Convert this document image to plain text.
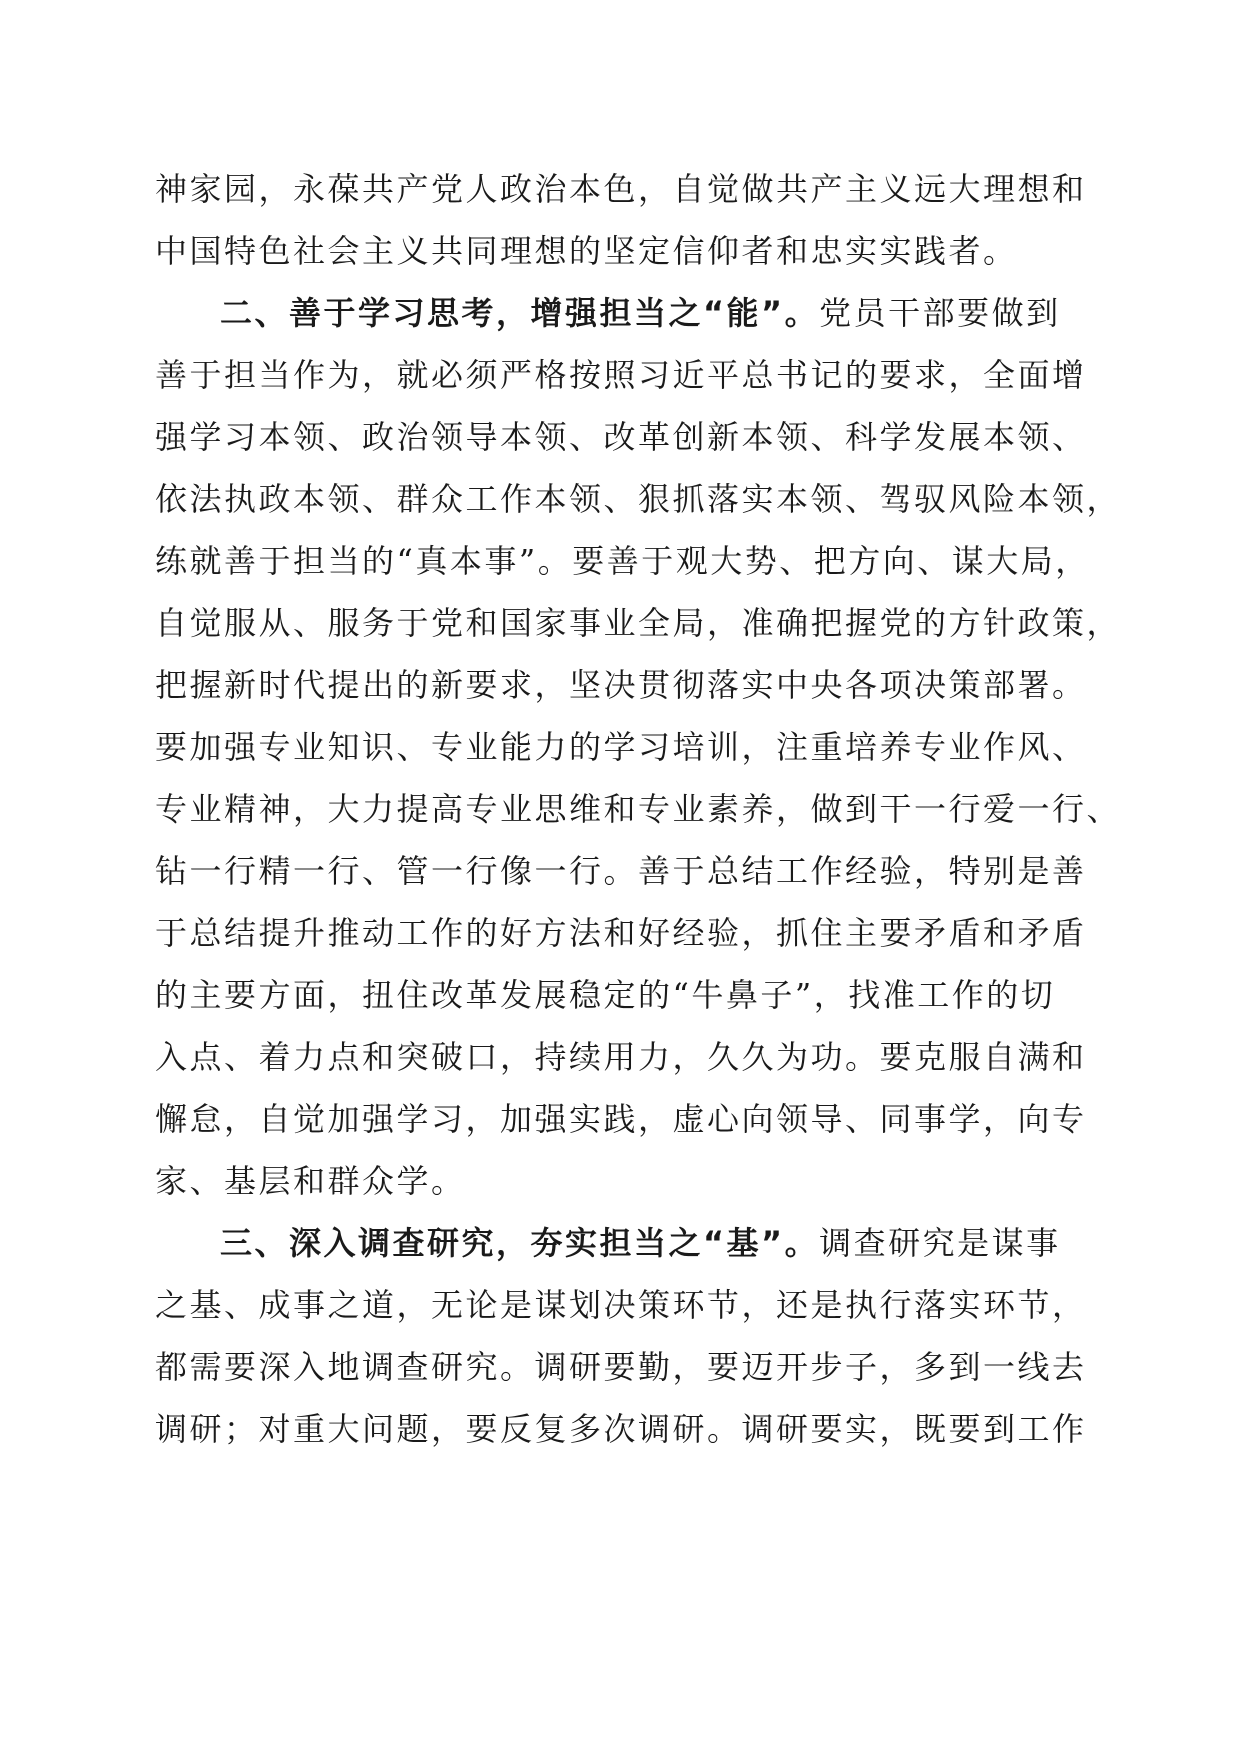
神家园，永葆共产党人政治本色，自觉做共产主义远大理想和
中国特色社会主义共同理想的坚定信仰者和忠实实践者。
二、善于学习思考，增强担当之“能”。党员干部要做到
善于担当作为，就必须严格按照习近平总书记的要求，全面增
强学习本领、政治领导本领、改革创新本领、科学发展本领、
依法执政本领、群众工作本领、狠抓落实本领、驾驭风险本领，
练就善于担当的“真本事”。要善于观大势、把方向、谋大局，
自觉服从、服务于党和国家事业全局，准确把握党的方针政策，
把握新时代提出的新要求，坚决贯彻落实中央各项决策部署。
要加强专业知识、专业能力的学习培训，注重培养专业作风、
专业精神，大力提高专业思维和专业素养，做到干一行爱一行、
钻一行精一行、管一行像一行。善于总结工作经验，特别是善
于总结提升推动工作的好方法和好经验，抓住主要矛盾和矛盾
的主要方面，扭住改革发展稳定的“牛鼻子”，找准工作的切
入点、着力点和突破口，持续用力，久久为功。要克服自满和
懈怠，自觉加强学习，加强实践，虚心向领导、同事学，向专
家、基层和群众学。
三、深入调查研究，夯实担当之“基”。调查研究是谋事
之基、成事之道，无论是谋划决策环节，还是执行落实环节，
都需要深入地调查研究。调研要勤，要迈开步子，多到一线去
调研；对重大问题，要反复多次调研。调研要实，既要到工作
